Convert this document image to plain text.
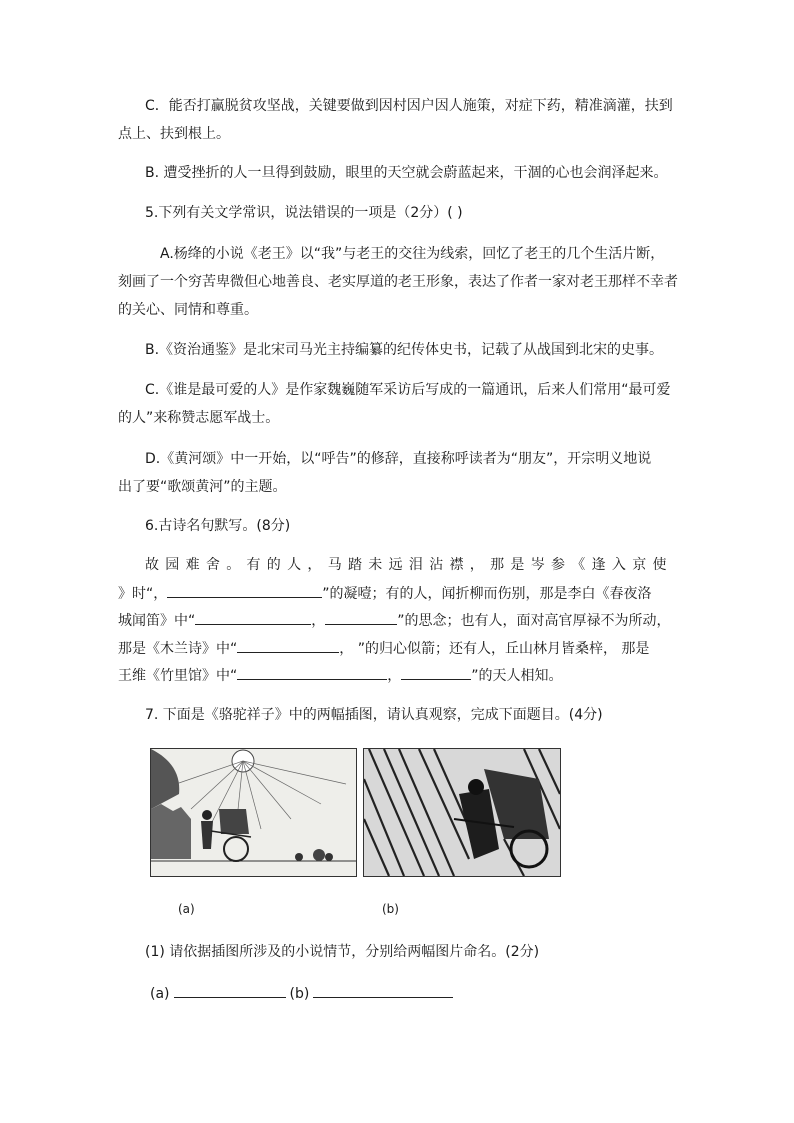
C．能否打赢脱贫攻坚战，关键要做到因村因户因人施策，对症下药，精准滴灌，扶到
点上、扶到根上。
B. 遭受挫折的人一旦得到鼓励，眼里的天空就会蔚蓝起来，干涸的心也会润泽起来。
5.下列有关文学常识，说法错误的一项是（2分）( )
A.杨绛的小说《老王》以“我”与老王的交往为线索，回忆了老王的几个生活片断，
刻画了一个穷苦卑微但心地善良、老实厚道的老王形象，表达了作者一家对老王那样不幸者
的关心、同情和尊重。
B.《资治通鉴》是北宋司马光主持编纂的纪传体史书，记载了从战国到北宋的史事。
C.《谁是最可爱的人》是作家魏巍随军采访后写成的一篇通讯，后来人们常用“最可爱
的人”来称赞志愿军战士。
D.《黄河颂》中一开始，以“呼告”的修辞，直接称呼读者为“朋友”，开宗明义地说
出了要“歌颂黄河”的主题。
6.古诗名句默写。(8分)
故园难舍。有的人，马踏未远泪沾襟，那是岑参《逢入京使
》时“，	”的凝噎；有的人，闻折柳而伤别，那是李白《春夜洛
城闻笛》中“	，	”的思念；也有人，面对高官厚禄不为所动，
那是《木兰诗》中“	， ”的归心似箭；还有人，丘山林月皆桑梓， 那是
王维《竹里馆》中“	，	”的天人相知。
7. 下面是《骆驼祥子》中的两幅插图，请认真观察，完成下面题目。(4分)
(a)	(b)
(1) 请依据插图所涉及的小说情节，分别给两幅图片命名。(2分)
(a)	(b)
